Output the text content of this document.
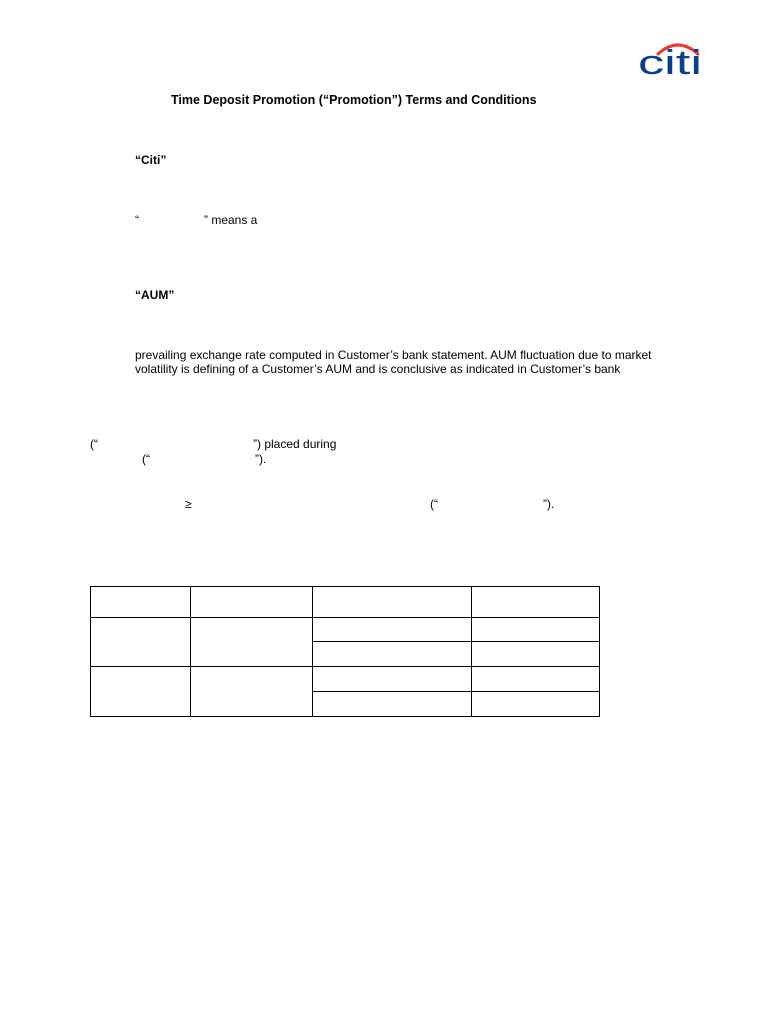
citi
Time Deposit Promotion (“Promotion”) Terms and Conditions
“Citi”
“	” means a
“AUM”
prevailing exchange rate computed in Customer’s bank statement. AUM fluctuation due to market
volatility is defining of a Customer’s AUM and is conclusive as indicated in Customer’s bank
(“	”) placed during
(“	”).
≥	(“	”).
